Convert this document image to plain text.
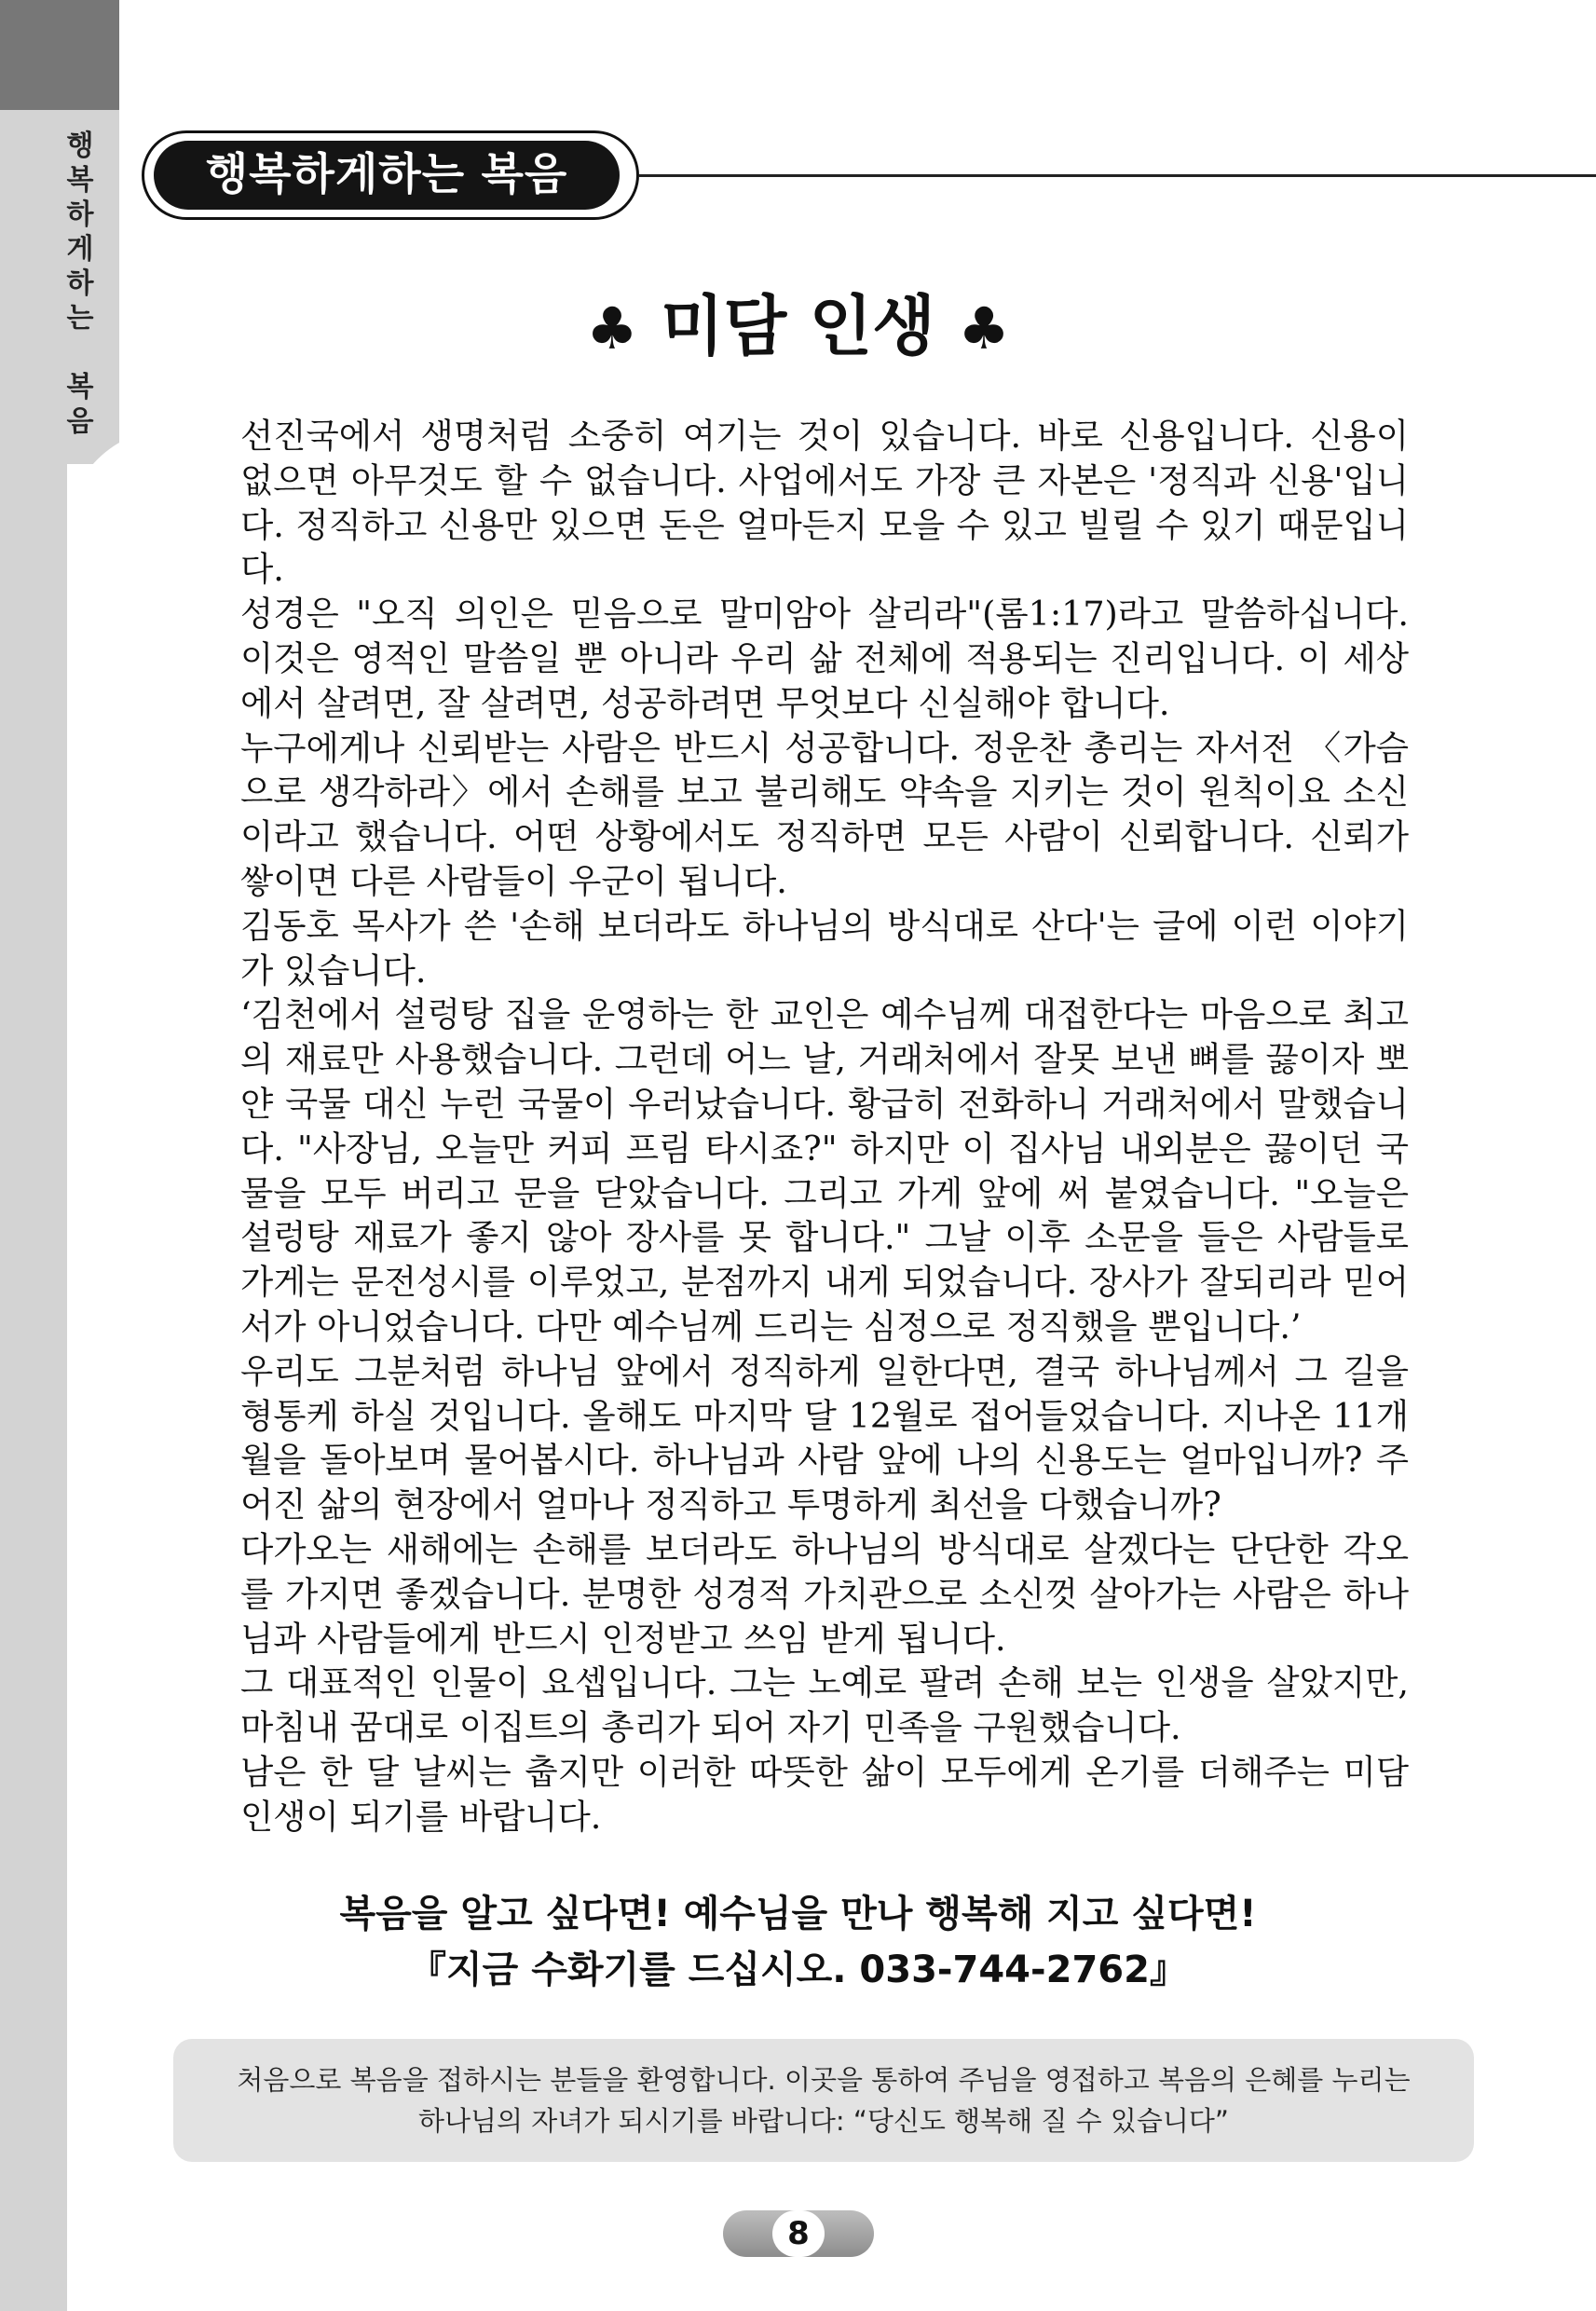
행
복
하
게
하
는

복
음
행복하게하는 복음
♣ 미담 인생 ♣

선진국에서 생명처럼 소중히 여기는 것이 있습니다. 바로 신용입니다. 신용이 없으면 아무것도 할 수 없습니다. 사업에서도 가장 큰 자본은 '정직과 신용'입니다. 정직하고 신용만 있으면 돈은 얼마든지 모을 수 있고 빌릴 수 있기 때문입니다.

성경은 "오직 의인은 믿음으로 말미암아 살리라"(롬1:17)라고 말씀하십니다. 이것은 영적인 말씀일 뿐 아니라 우리 삶 전체에 적용되는 진리입니다. 이 세상에서 살려면, 잘 살려면, 성공하려면 무엇보다 신실해야 합니다.

누구에게나 신뢰받는 사람은 반드시 성공합니다. 정운찬 총리는 자서전 〈가슴으로 생각하라〉에서 손해를 보고 불리해도 약속을 지키는 것이 원칙이요 소신이라고 했습니다. 어떤 상황에서도 정직하면 모든 사람이 신뢰합니다. 신뢰가 쌓이면 다른 사람들이 우군이 됩니다.

김동호 목사가 쓴 '손해 보더라도 하나님의 방식대로 산다'는 글에 이런 이야기가 있습니다.

‘김천에서 설렁탕 집을 운영하는 한 교인은 예수님께 대접한다는 마음으로 최고의 재료만 사용했습니다. 그런데 어느 날, 거래처에서 잘못 보낸 뼈를 끓이자 뽀얀 국물 대신 누런 국물이 우러났습니다. 황급히 전화하니 거래처에서 말했습니다. "사장님, 오늘만 커피 프림 타시죠?" 하지만 이 집사님 내외분은 끓이던 국물을 모두 버리고 문을 닫았습니다. 그리고 가게 앞에 써 붙였습니다. "오늘은 설렁탕 재료가 좋지 않아 장사를 못 합니다." 그날 이후 소문을 들은 사람들로 가게는 문전성시를 이루었고, 분점까지 내게 되었습니다. 장사가 잘되리라 믿어서가 아니었습니다. 다만 예수님께 드리는 심정으로 정직했을 뿐입니다.’

우리도 그분처럼 하나님 앞에서 정직하게 일한다면, 결국 하나님께서 그 길을 형통케 하실 것입니다. 올해도 마지막 달 12월로 접어들었습니다. 지나온 11개월을 돌아보며 물어봅시다. 하나님과 사람 앞에 나의 신용도는 얼마입니까? 주어진 삶의 현장에서 얼마나 정직하고 투명하게 최선을 다했습니까?

다가오는 새해에는 손해를 보더라도 하나님의 방식대로 살겠다는 단단한 각오를 가지면 좋겠습니다. 분명한 성경적 가치관으로 소신껏 살아가는 사람은 하나님과 사람들에게 반드시 인정받고 쓰임 받게 됩니다.

그 대표적인 인물이 요셉입니다. 그는 노예로 팔려 손해 보는 인생을 살았지만, 마침내 꿈대로 이집트의 총리가 되어 자기 민족을 구원했습니다.

남은 한 달 날씨는 춥지만 이러한 따뜻한 삶이 모두에게 온기를 더해주는 미담 인생이 되기를 바랍니다.

복음을 알고 싶다면! 예수님을 만나 행복해 지고 싶다면!
『지금 수화기를 드십시오. 033-744-2762』
처음으로 복음을 접하시는 분들을 환영합니다. 이곳을 통하여 주님을 영접하고 복음의 은혜를 누리는
하나님의 자녀가 되시기를 바랍니다: “당신도 행복해 질 수 있습니다”
8
